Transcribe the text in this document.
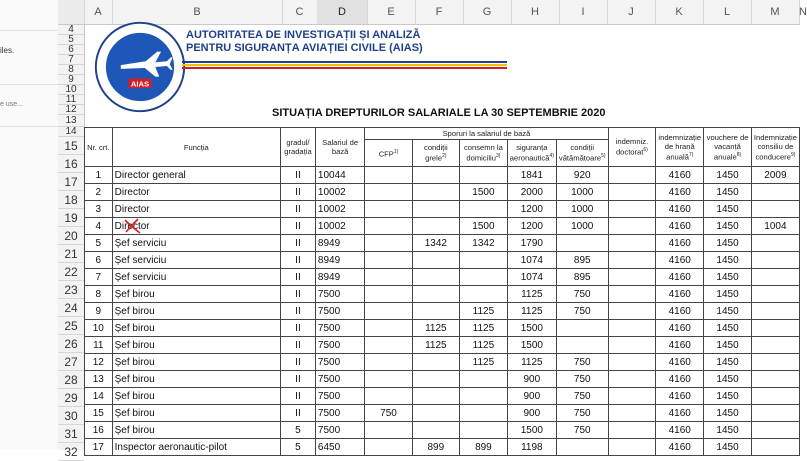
iles.
e use...
A	B	C	D	E	F	G	H	I	J	K	L	M	N
4
5
6
7
8
9
10
11
12
13
14
15
16
17
18
19
20
21
22
23
24
25
26
27
28
29
30
31
32
AIAS
AUTORITATEA DE INVESTIGAȚII ȘI ANALIZĂ
PENTRU SIGURANȚA AVIAȚIEI CIVILE (AIAS)
SITUAȚIA DREPTURILOR SALARIALE LA 30 SEPTEMBRIE 2020
Nr. crt.	Funcția	gradul/ gradația	Salariul de bază	Sporuri la salariul de bază					indemniz. doctorat$^{6)}$	indemnizație de hrană anuală$^{7)}$	vouchere de vacanță anuale$^{8)}$	Indemnizație consiliu de conducere$^{9)}$
				CFP$^{1)}$	condiții grele$^{2)}$	consemn la domiciliu$^{3)}$	siguranța aeronautică$^{4)}$	condiții vătămătoare$^{5)}$
1	Director general	II	10044				1841	920		4160	1450	2009
2	Director	II	10002			1500	2000	1000		4160	1450	
3	Director	II	10002				1200	1000		4160	1450	
4	Director	II	10002			1500	1200	1000		4160	1450	1004
5	Șef serviciu	II	8949		1342	1342	1790			4160	1450	
6	Șef serviciu	II	8949				1074	895		4160	1450	
7	Șef serviciu	II	8949				1074	895		4160	1450	
8	Șef birou	II	7500				1125	750		4160	1450	
9	Șef birou	II	7500			1125	1125	750		4160	1450	
10	Șef birou	II	7500		1125	1125	1500			4160	1450	
11	Șef birou	II	7500		1125	1125	1500			4160	1450	
12	Șef birou	II	7500			1125	1125	750		4160	1450	
13	Șef birou	II	7500				900	750		4160	1450	
14	Șef birou	II	7500				900	750		4160	1450	
15	Șef birou	II	7500	750			900	750		4160	1450	
16	Șef birou	5	7500				1500	750		4160	1450	
17	Inspector aeronautic-pilot	5	6450		899	899	1198			4160	1450	
